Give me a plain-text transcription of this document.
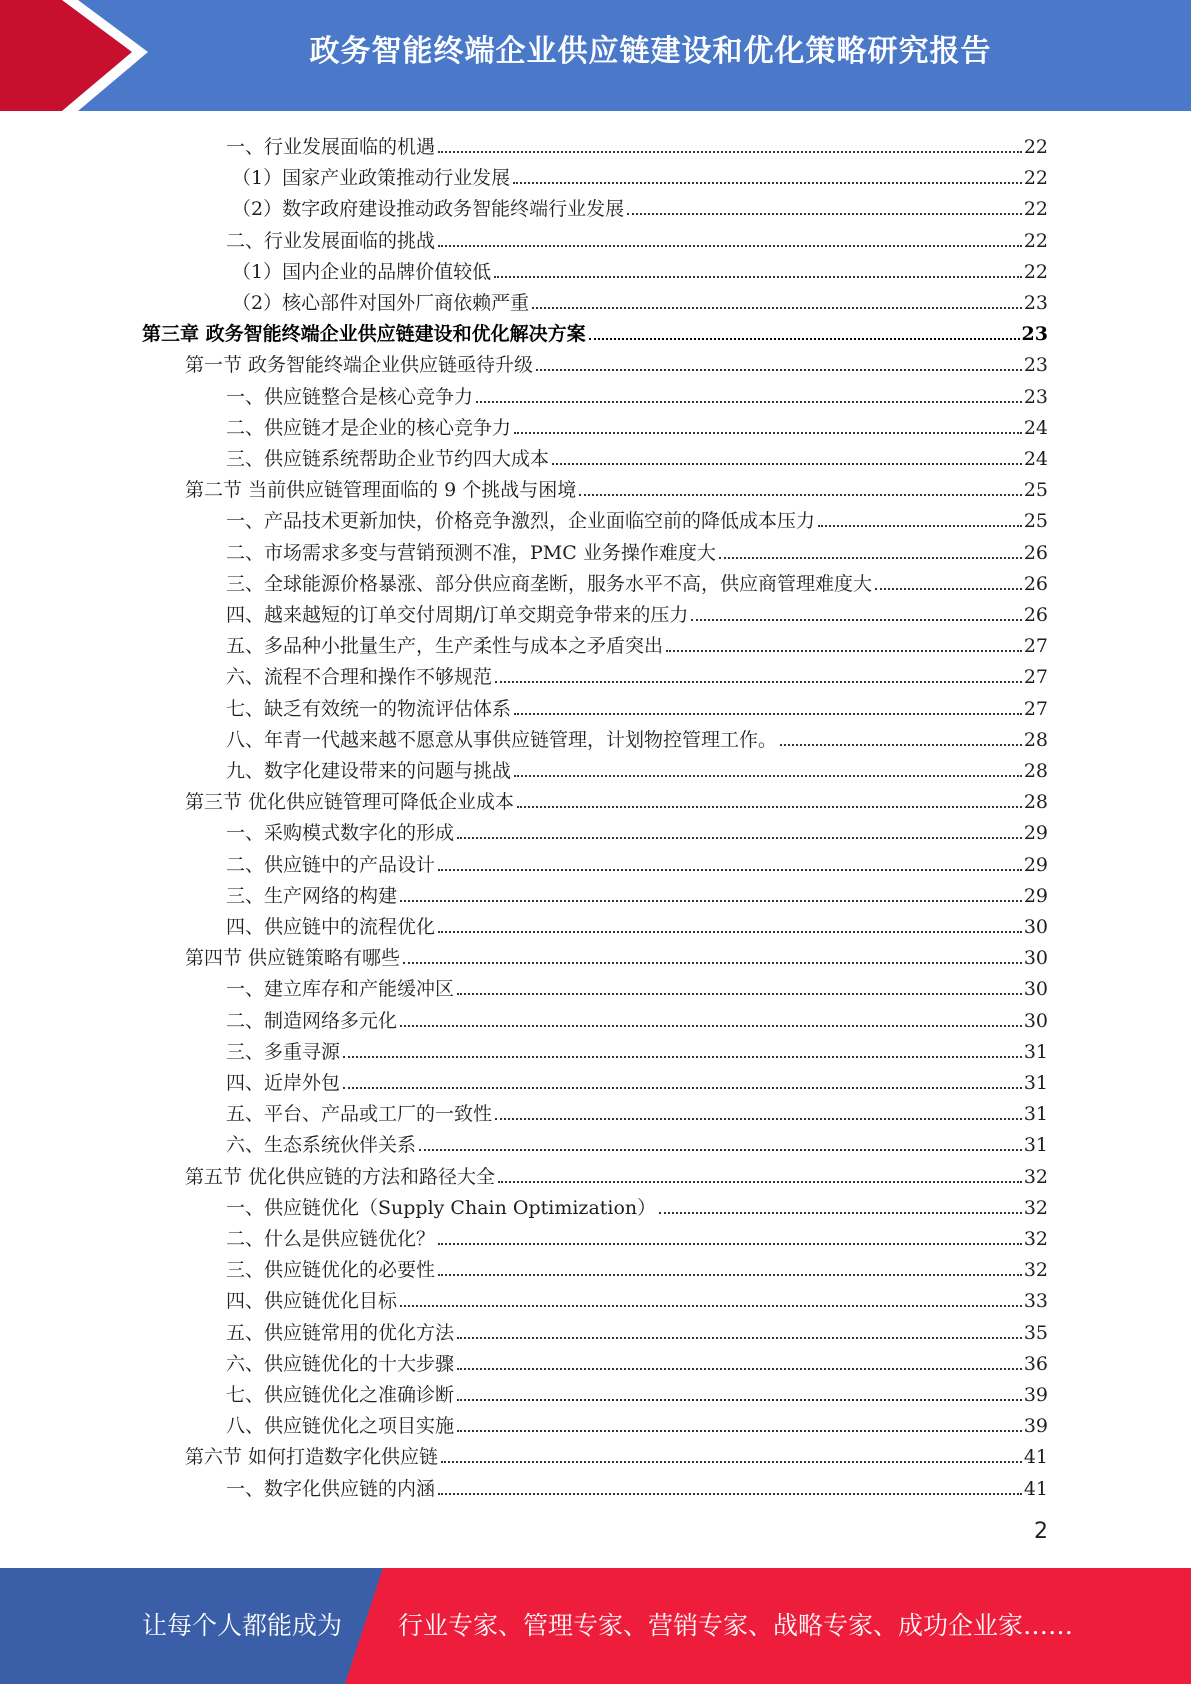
政务智能终端企业供应链建设和优化策略研究报告
一、行业发展面临的机遇	22
（1）国家产业政策推动行业发展	22
（2）数字政府建设推动政务智能终端行业发展	22
二、行业发展面临的挑战	22
（1）国内企业的品牌价值较低	22
（2）核心部件对国外厂商依赖严重	23
第三章 政务智能终端企业供应链建设和优化解决方案	23
第一节 政务智能终端企业供应链亟待升级	23
一、供应链整合是核心竞争力	23
二、供应链才是企业的核心竞争力	24
三、供应链系统帮助企业节约四大成本	24
第二节 当前供应链管理面临的 9 个挑战与困境	25
一、产品技术更新加快，价格竞争激烈，企业面临空前的降低成本压力	25
二、市场需求多变与营销预测不准，PMC 业务操作难度大	26
三、全球能源价格暴涨、部分供应商垄断，服务水平不高，供应商管理难度大	26
四、越来越短的订单交付周期/订单交期竞争带来的压力	26
五、多品种小批量生产，生产柔性与成本之矛盾突出	27
六、流程不合理和操作不够规范	27
七、缺乏有效统一的物流评估体系	27
八、年青一代越来越不愿意从事供应链管理，计划物控管理工作。	28
九、数字化建设带来的问题与挑战	28
第三节 优化供应链管理可降低企业成本	28
一、采购模式数字化的形成	29
二、供应链中的产品设计	29
三、生产网络的构建	29
四、供应链中的流程优化	30
第四节 供应链策略有哪些	30
一、建立库存和产能缓冲区	30
二、制造网络多元化	30
三、多重寻源	31
四、近岸外包	31
五、平台、产品或工厂的一致性	31
六、生态系统伙伴关系	31
第五节 优化供应链的方法和路径大全	32
一、供应链优化（Supply Chain Optimization）	32
二、什么是供应链优化？	32
三、供应链优化的必要性	32
四、供应链优化目标	33
五、供应链常用的优化方法	35
六、供应链优化的十大步骤	36
七、供应链优化之准确诊断	39
八、供应链优化之项目实施	39
第六节 如何打造数字化供应链	41
一、数字化供应链的内涵	41
2
让每个人都能成为 行业专家、管理专家、营销专家、战略专家、成功企业家……
